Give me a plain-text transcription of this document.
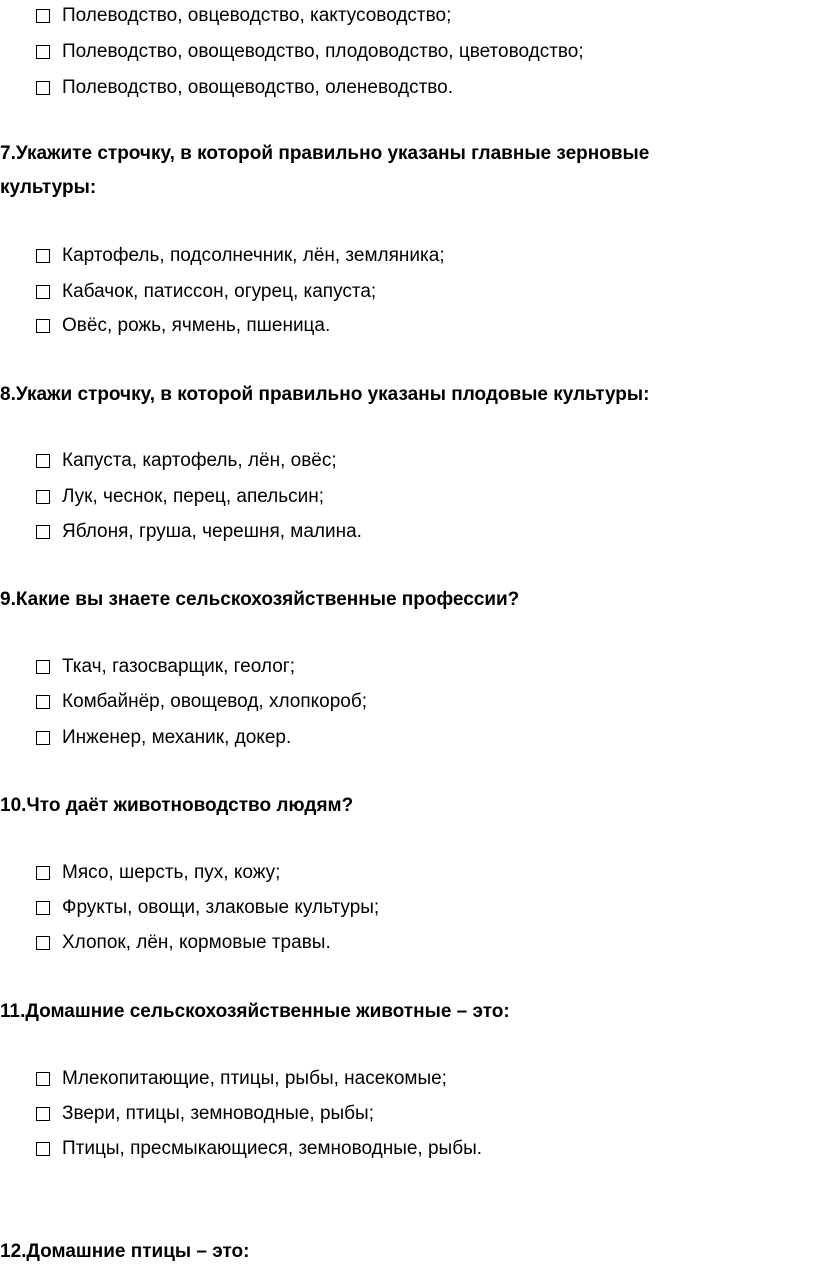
Полеводство, овцеводство, кактусоводство;
Полеводство, овощеводство, плодоводство, цветоводство;
Полеводство, овощеводство, оленеводство.
7.Укажите строчку, в которой правильно указаны главные зерновые
культуры:
Картофель, подсолнечник, лён, земляника;
Кабачок, патиссон, огурец, капуста;
Овёс, рожь, ячмень, пшеница.
8.Укажи строчку, в которой правильно указаны плодовые культуры:
Капуста, картофель, лён, овёс;
Лук, чеснок, перец, апельсин;
Яблоня, груша, черешня, малина.
9.Какие вы знаете сельскохозяйственные профессии?
Ткач, газосварщик, геолог;
Комбайнёр, овощевод, хлопкороб;
Инженер, механик, докер.
10.Что даёт животноводство людям?
Мясо, шерсть, пух, кожу;
Фрукты, овощи, злаковые культуры;
Хлопок, лён, кормовые травы.
11.Домашние сельскохозяйственные животные – это:
Млекопитающие, птицы, рыбы, насекомые;
Звери, птицы, земноводные, рыбы;
Птицы, пресмыкающиеся, земноводные, рыбы.
12.Домашние птицы – это:
